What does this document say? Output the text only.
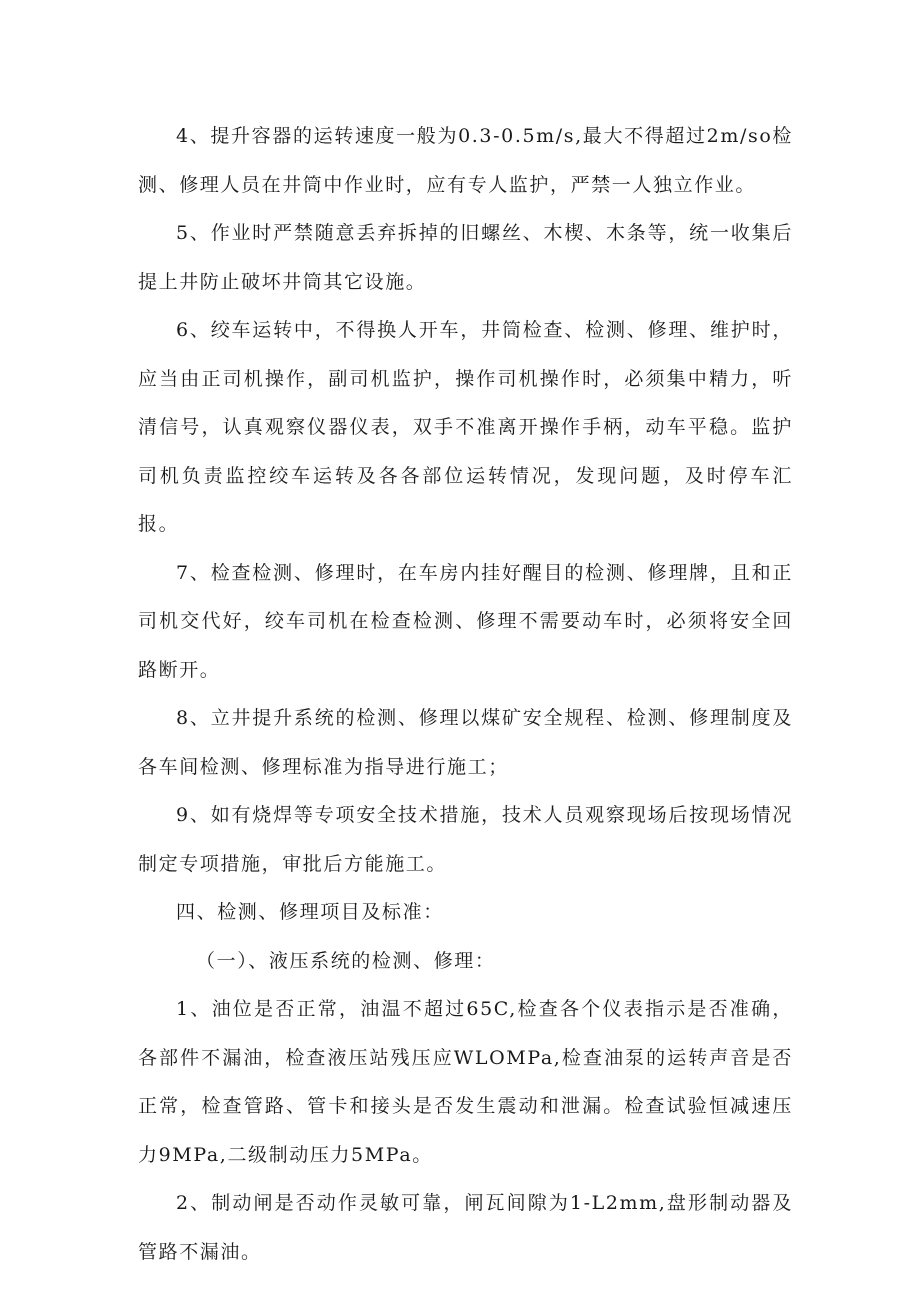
4、提升容器的运转速度一般为0.3-0.5m/s,最大不得超过2m/so检测、修理人员在井筒中作业时，应有专人监护，严禁一人独立作业。

5、作业时严禁随意丢弃拆掉的旧螺丝、木楔、木条等，统一收集后提上井防止破坏井筒其它设施。

6、绞车运转中，不得换人开车，井筒检查、检测、修理、维护时，应当由正司机操作，副司机监护，操作司机操作时，必须集中精力，听清信号，认真观察仪器仪表，双手不准离开操作手柄，动车平稳。监护司机负责监控绞车运转及各各部位运转情况，发现问题，及时停车汇报。

7、检查检测、修理时，在车房内挂好醒目的检测、修理牌，且和正司机交代好，绞车司机在检查检测、修理不需要动车时，必须将安全回路断开。

8、立井提升系统的检测、修理以煤矿安全规程、检测、修理制度及各车间检测、修理标准为指导进行施工；

9、如有烧焊等专项安全技术措施，技术人员观察现场后按现场情况制定专项措施，审批后方能施工。

四、检测、修理项目及标准：

（一）、液压系统的检测、修理：

1、油位是否正常，油温不超过65C,检查各个仪表指示是否准确，各部件不漏油，检查液压站残压应WLOMPa,检查油泵的运转声音是否正常，检查管路、管卡和接头是否发生震动和泄漏。检查试验恒减速压力9MPa,二级制动压力5MPa。

2、制动闸是否动作灵敏可靠，闸瓦间隙为1-L2mm,盘形制动器及管路不漏油。
